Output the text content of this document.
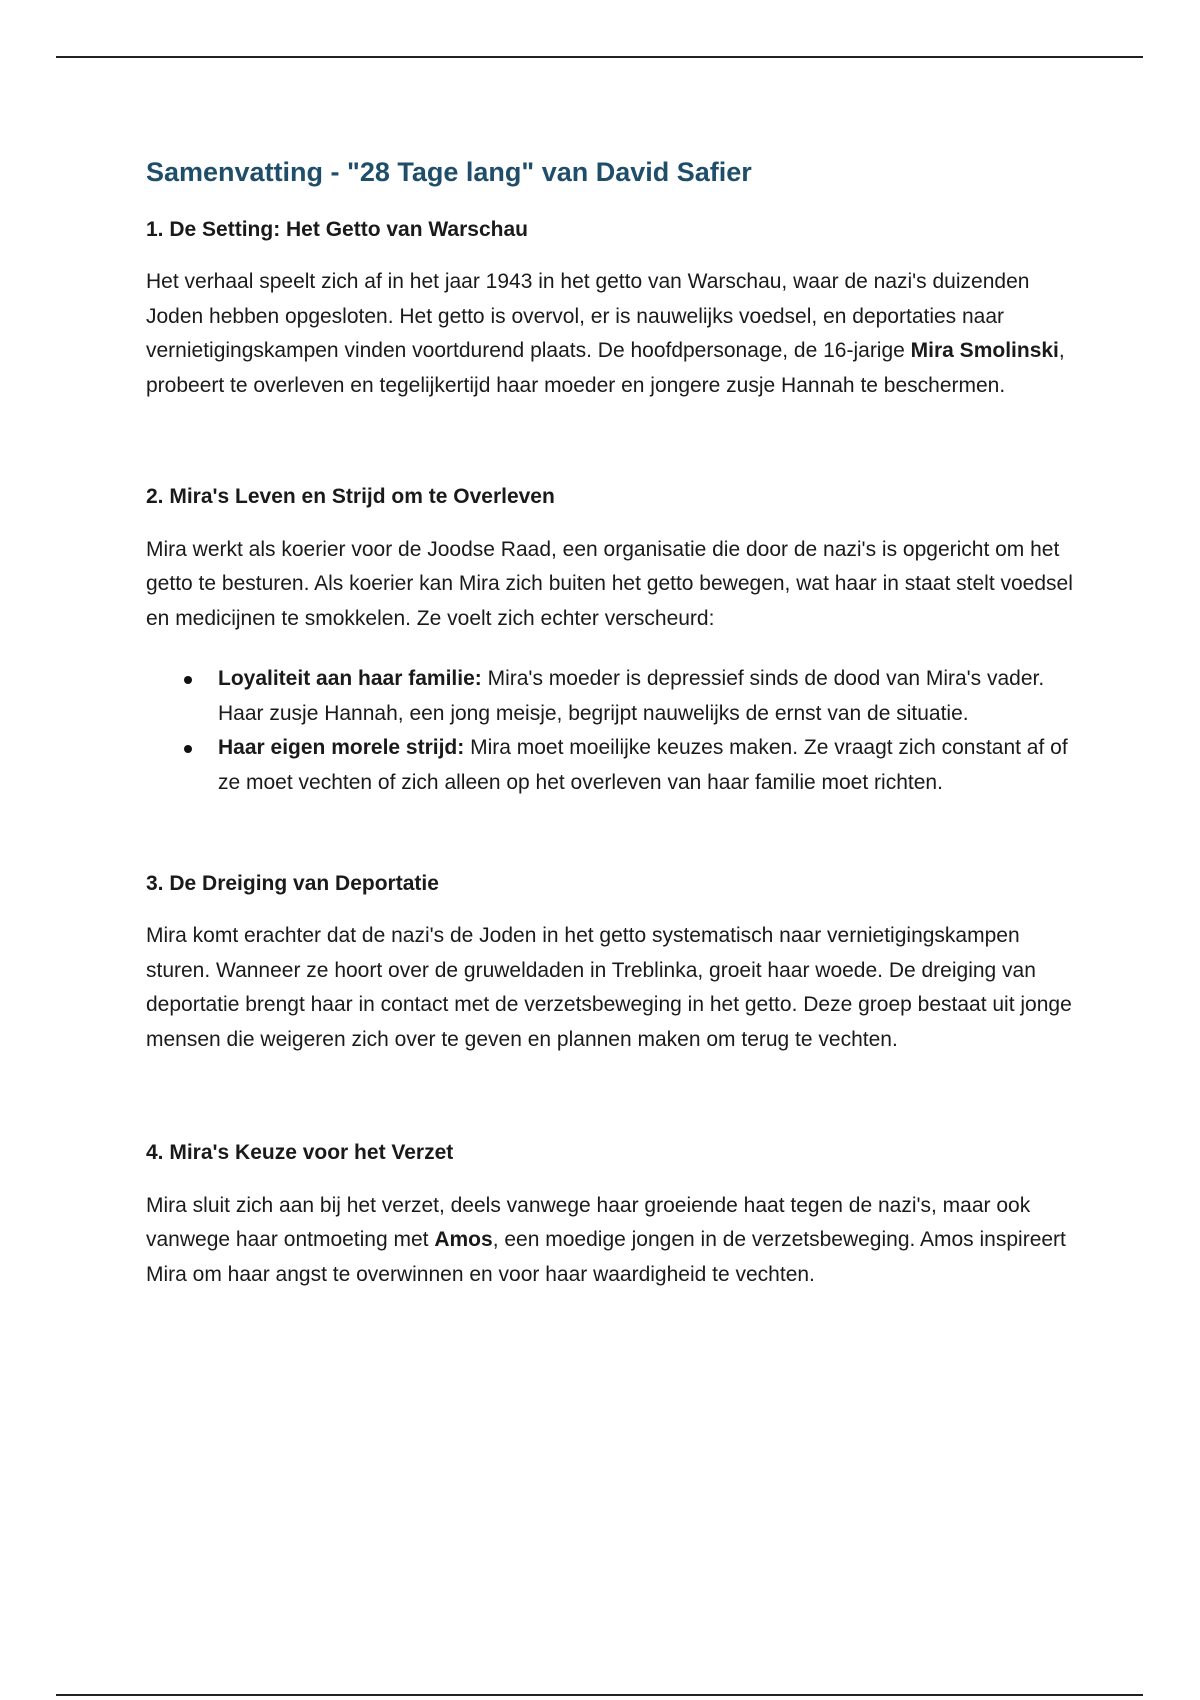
Samenvatting - "28 Tage lang" van David Safier
1. De Setting: Het Getto van Warschau

Het verhaal speelt zich af in het jaar 1943 in het getto van Warschau, waar de nazi's duizenden Joden hebben opgesloten. Het getto is overvol, er is nauwelijks voedsel, en deportaties naar vernietigingskampen vinden voortdurend plaats. De hoofdpersonage, de 16-jarige Mira Smolinski, probeert te overleven en tegelijkertijd haar moeder en jongere zusje Hannah te beschermen.

2. Mira's Leven en Strijd om te Overleven

Mira werkt als koerier voor de Joodse Raad, een organisatie die door de nazi's is opgericht om het getto te besturen. Als koerier kan Mira zich buiten het getto bewegen, wat haar in staat stelt voedsel en medicijnen te smokkelen. Ze voelt zich echter verscheurd:

Loyaliteit aan haar familie: Mira's moeder is depressief sinds de dood van Mira's vader. Haar zusje Hannah, een jong meisje, begrijpt nauwelijks de ernst van de situatie.
Haar eigen morele strijd: Mira moet moeilijke keuzes maken. Ze vraagt zich constant af of ze moet vechten of zich alleen op het overleven van haar familie moet richten.
3. De Dreiging van Deportatie

Mira komt erachter dat de nazi's de Joden in het getto systematisch naar vernietigingskampen sturen. Wanneer ze hoort over de gruweldaden in Treblinka, groeit haar woede. De dreiging van deportatie brengt haar in contact met de verzetsbeweging in het getto. Deze groep bestaat uit jonge mensen die weigeren zich over te geven en plannen maken om terug te vechten.

4. Mira's Keuze voor het Verzet

Mira sluit zich aan bij het verzet, deels vanwege haar groeiende haat tegen de nazi's, maar ook vanwege haar ontmoeting met Amos, een moedige jongen in de verzetsbeweging. Amos inspireert Mira om haar angst te overwinnen en voor haar waardigheid te vechten.
